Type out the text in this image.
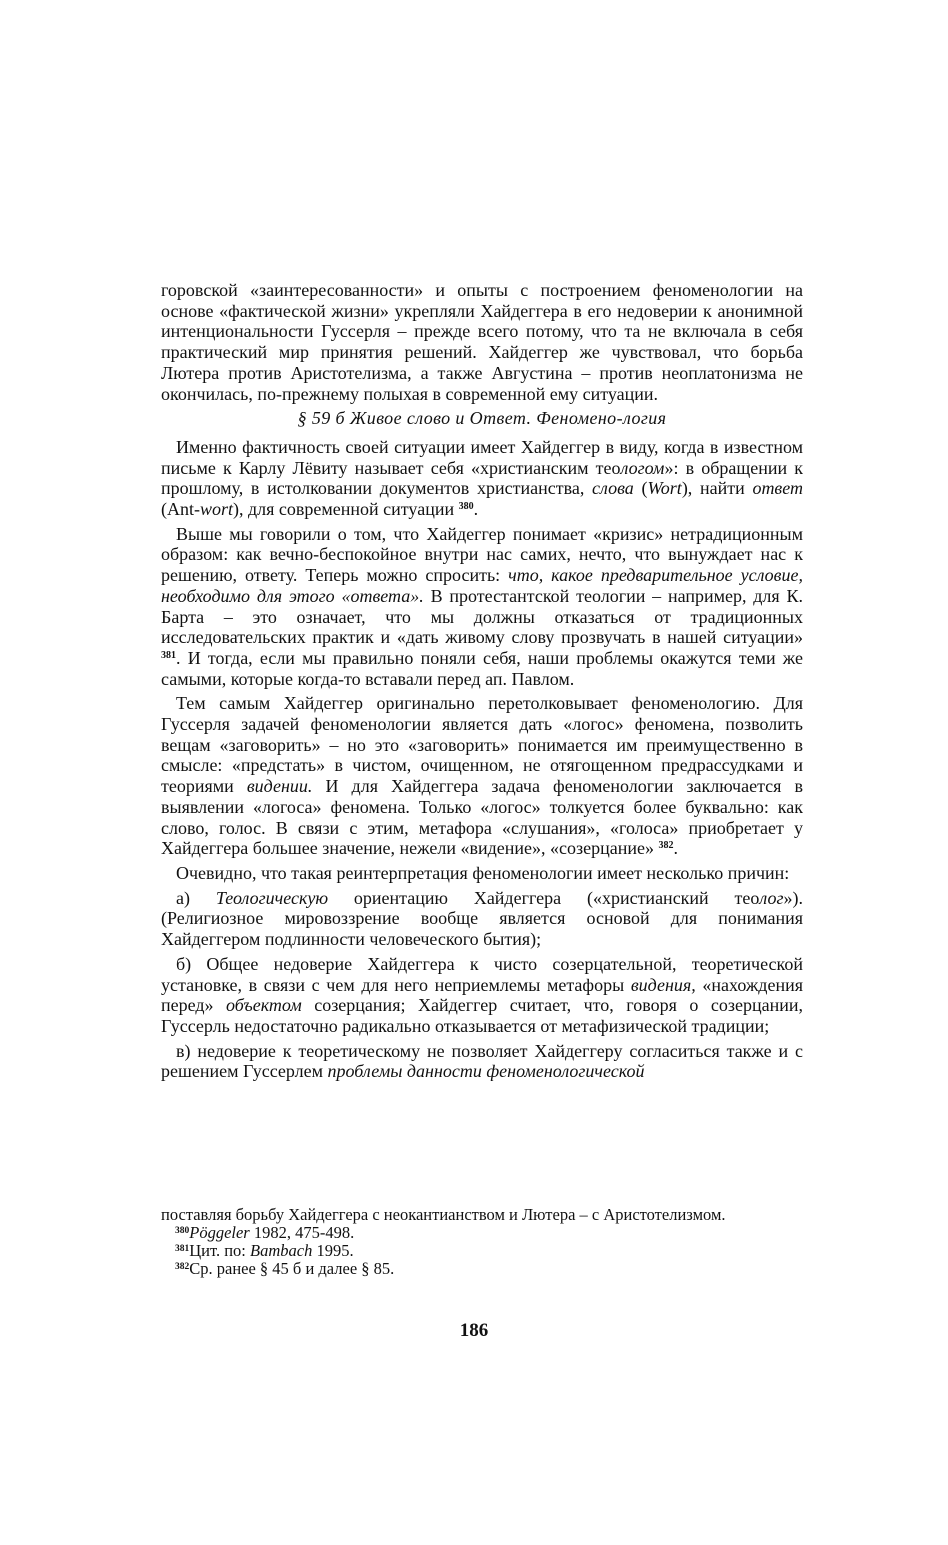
горовской «заинтересованности» и опыты с построением феноменологии на основе «фактической жизни» укрепляли Хайдеггера в его недоверии к анонимной интенциональности Гуссерля – прежде всего потому, что та не включала в себя практический мир принятия решений. Хайдеггер же чувствовал, что борьба Лютера против Аристотелизма, а также Августина – против неоплатонизма не окончилась, по-прежнему полыхая в современной ему ситуации.

§ 59 б Живое слово и Ответ. Феномено-логия

Именно фактичность своей ситуации имеет Хайдеггер в виду, когда в известном письме к Карлу Лёвиту называет себя «христианским теологом»: в обращении к прошлому, в истолковании документов христианства, слова (Wort), найти ответ (Ant-wort), для современной ситуации $^{380}$.

Выше мы говорили о том, что Хайдеггер понимает «кризис» нетрадиционным образом: как вечно-беспокойное внутри нас самих, нечто, что вынуждает нас к решению, ответу. Теперь можно спросить: что, какое предварительное условие, необходимо для этого «ответа». В протестантской теологии – например, для К. Барта – это означает, что мы должны отказаться от традиционных исследовательских практик и «дать живому слову прозвучать в нашей ситуации» $^{381}$. И тогда, если мы правильно поняли себя, наши проблемы окажутся теми же самыми, которые когда-то вставали перед ап. Павлом.

Тем самым Хайдеггер оригинально перетолковывает феноменологию. Для Гуссерля задачей феноменологии является дать «логос» феномена, позволить вещам «заговорить» – но это «заговорить» понимается им преимущественно в смысле: «предстать» в чистом, очищенном, не отягощенном предрассудками и теориями видении. И для Хайдеггера задача феноменологии заключается в выявлении «логоса» феномена. Только «логос» толкуется более буквально: как слово, голос. В связи с этим, метафора «слушания», «голоса» приобретает у Хайдеггера большее значение, нежели «видение», «созерцание» $^{382}$.

Очевидно, что такая реинтерпретация феноменологии имеет несколько причин:

а) Теологическую ориентацию Хайдеггера («христианский теолог»). (Религиозное мировоззрение вообще является основой для понимания Хайдеггером подлинности человеческого бытия);

б) Общее недоверие Хайдеггера к чисто созерцательной, теоретической установке, в связи с чем для него неприемлемы метафоры видения, «нахождения перед» объектом созерцания; Хайдеггер считает, что, говоря о созерцании, Гуссерль недостаточно радикально отказывается от метафизической традиции;

в) недоверие к теоретическому не позволяет Хайдеггеру согласиться также и с решением Гуссерлем проблемы данности феноменологической

поставляя борьбу Хайдеггера с неокантианством и Лютера – с Аристотелизмом.

$^{380}$Pöggeler 1982, 475-498.

$^{381}$Цит. по: Bambach 1995.

$^{382}$Ср. ранее § 45 б и далее § 85.

186
